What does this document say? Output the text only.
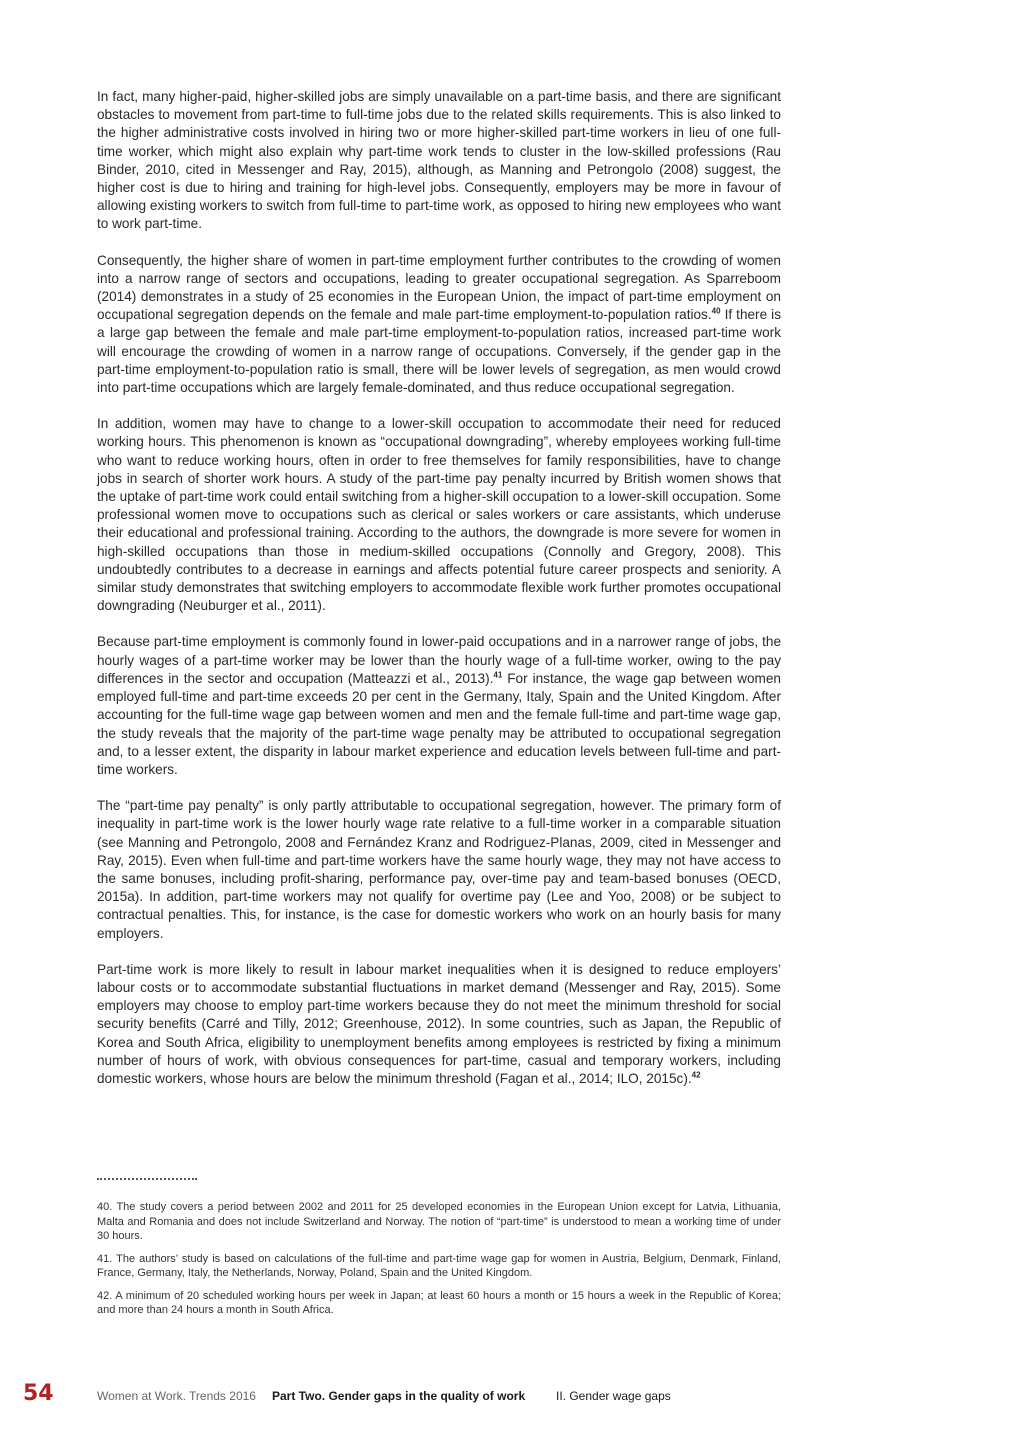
In fact, many higher-paid, higher-skilled jobs are simply unavailable on a part-time basis, and there are significant obstacles to movement from part-time to full-time jobs due to the related skills requirements. This is also linked to the higher administrative costs involved in hiring two or more higher-skilled part-time workers in lieu of one full-time worker, which might also explain why part-time work tends to cluster in the low-skilled professions (Rau Binder, 2010, cited in Messenger and Ray, 2015), although, as Manning and Petrongolo (2008) suggest, the higher cost is due to hiring and training for high-level jobs. Consequently, employers may be more in favour of allowing existing workers to switch from full-time to part-time work, as opposed to hiring new employees who want to work part-time.

Consequently, the higher share of women in part-time employment further contributes to the crowding of women into a narrow range of sectors and occupations, leading to greater occupational segregation. As Sparreboom (2014) demonstrates in a study of 25 economies in the European Union, the impact of part-time employment on occupational segregation depends on the female and male part-time employment-to-population ratios.$^{40}$ If there is a large gap between the female and male part-time employment-to-population ratios, increased part-time work will encourage the crowding of women in a narrow range of occupations. Conversely, if the gender gap in the part-time employment-to-population ratio is small, there will be lower levels of segregation, as men would crowd into part-time occupations which are largely female-dominated, and thus reduce occupational segregation.

In addition, women may have to change to a lower-skill occupation to accommodate their need for reduced working hours. This phenomenon is known as “occupational downgrading”, whereby employees working full-time who want to reduce working hours, often in order to free themselves for family responsibilities, have to change jobs in search of shorter work hours. A study of the part-time pay penalty incurred by British women shows that the uptake of part-time work could entail switching from a higher-skill occupation to a lower-skill occupation. Some professional women move to occupations such as clerical or sales workers or care assistants, which underuse their educational and professional training. According to the authors, the downgrade is more severe for women in high-skilled occupations than those in medium-skilled occupations (Connolly and Gregory, 2008). This undoubtedly contributes to a decrease in earnings and affects potential future career prospects and seniority. A similar study demonstrates that switching employers to accommodate flexible work further promotes occupational downgrading (Neuburger et al., 2011).

Because part-time employment is commonly found in lower-paid occupations and in a narrower range of jobs, the hourly wages of a part-time worker may be lower than the hourly wage of a full-time worker, owing to the pay differences in the sector and occupation (Matteazzi et al., 2013).$^{41}$ For instance, the wage gap between women employed full-time and part-time exceeds 20 per cent in the Germany, Italy, Spain and the United Kingdom. After accounting for the full-time wage gap between women and men and the female full-time and part-time wage gap, the study reveals that the majority of the part-time wage penalty may be attributed to occupational segregation and, to a lesser extent, the disparity in labour market experience and education levels between full-time and part-time workers.

The “part-time pay penalty” is only partly attributable to occupational segregation, however. The primary form of inequality in part-time work is the lower hourly wage rate relative to a full-time worker in a comparable situation (see Manning and Petrongolo, 2008 and Fernández Kranz and Rodriguez-Planas, 2009, cited in Messenger and Ray, 2015). Even when full-time and part-time workers have the same hourly wage, they may not have access to the same bonuses, including profit-sharing, performance pay, over-time pay and team-based bonuses (OECD, 2015a). In addition, part-time workers may not qualify for overtime pay (Lee and Yoo, 2008) or be subject to contractual penalties. This, for instance, is the case for domestic workers who work on an hourly basis for many employers.

Part-time work is more likely to result in labour market inequalities when it is designed to reduce employers’ labour costs or to accommodate substantial fluctuations in market demand (Messenger and Ray, 2015). Some employers may choose to employ part-time workers because they do not meet the minimum threshold for social security benefits (Carré and Tilly, 2012; Greenhouse, 2012). In some countries, such as Japan, the Republic of Korea and South Africa, eligibility to unemployment benefits among employees is restricted by fixing a minimum number of hours of work, with obvious consequences for part-time, casual and temporary workers, including domestic workers, whose hours are below the minimum threshold (Fagan et al., 2014; ILO, 2015c).$^{42}$

40. The study covers a period between 2002 and 2011 for 25 developed economies in the European Union except for Latvia, Lithuania, Malta and Romania and does not include Switzerland and Norway. The notion of “part-time” is understood to mean a working time of under 30 hours.

41. The authors’ study is based on calculations of the full-time and part-time wage gap for women in Austria, Belgium, Denmark, Finland, France, Germany, Italy, the Netherlands, Norway, Poland, Spain and the United Kingdom.

42. A minimum of 20 scheduled working hours per week in Japan; at least 60 hours a month or 15 hours a week in the Republic of Korea; and more than 24 hours a month in South Africa.

54	Women at Work. Trends 2016 Part Two. Gender gaps in the quality of work	II. Gender wage gaps
